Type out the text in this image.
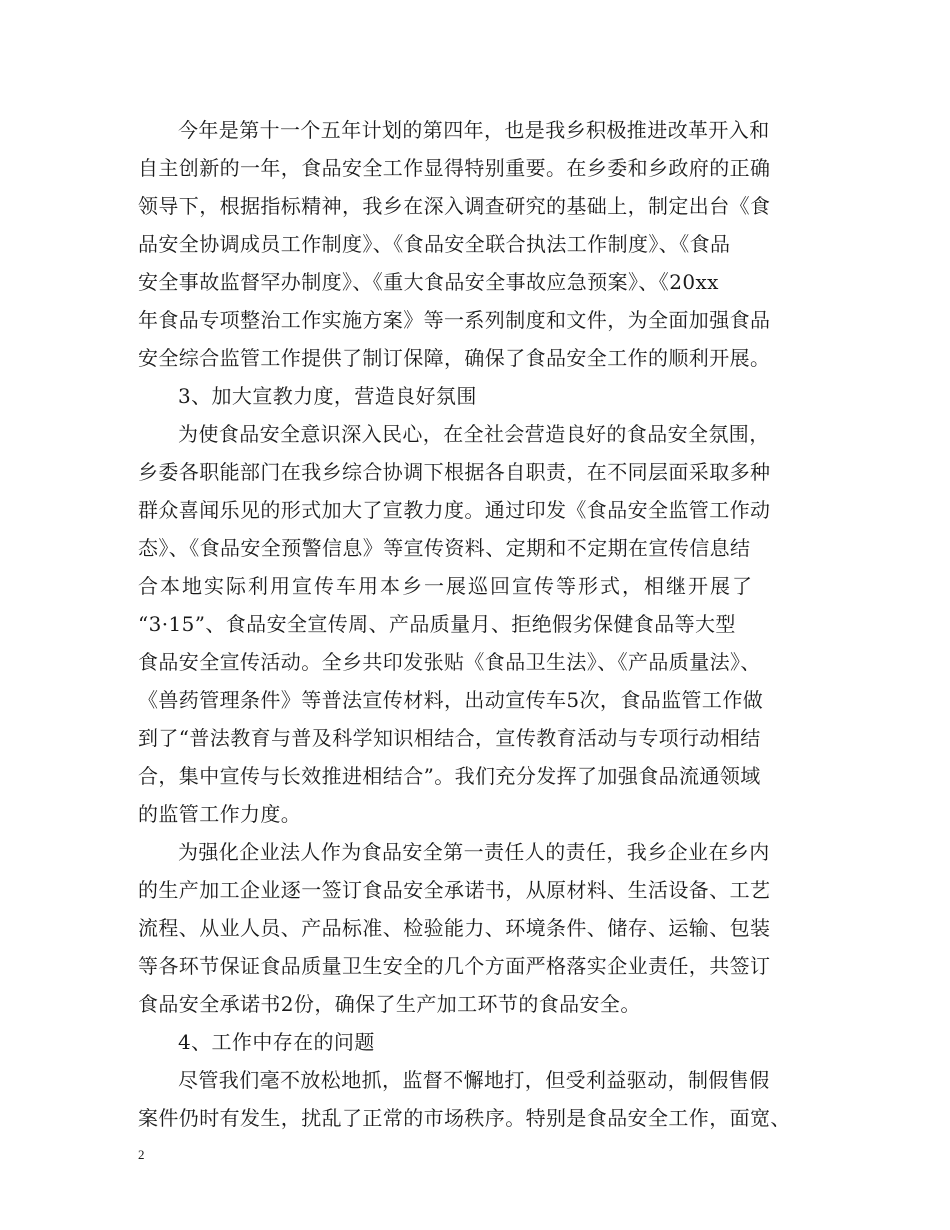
今年是第十一个五年计划的第四年，也是我乡积极推进改革开入和
自主创新的一年，食品安全工作显得特别重要。在乡委和乡政府的正确
领导下，根据指标精神，我乡在深入调查研究的基础上，制定出台《食
品安全协调成员工作制度》、《食品安全联合执法工作制度》、《食品
安全事故监督罕办制度》、《重大食品安全事故应急预案》、《20xx
年食品专项整治工作实施方案》等一系列制度和文件，为全面加强食品
安全综合监管工作提供了制订保障，确保了食品安全工作的顺利开展。
3、加大宣教力度，营造良好氛围
为使食品安全意识深入民心，在全社会营造良好的食品安全氛围，
乡委各职能部门在我乡综合协调下根据各自职责，在不同层面采取多种
群众喜闻乐见的形式加大了宣教力度。通过印发《食品安全监管工作动
态》、《食品安全预警信息》等宣传资料、定期和不定期在宣传信息结
合本地实际利用宣传车用本乡一展巡回宣传等形式，相继开展了
“3·15”、食品安全宣传周、产品质量月、拒绝假劣保健食品等大型
食品安全宣传活动。全乡共印发张贴《食品卫生法》、《产品质量法》、
《兽药管理条件》等普法宣传材料，出动宣传车5次，食品监管工作做
到了“普法教育与普及科学知识相结合，宣传教育活动与专项行动相结
合，集中宣传与长效推进相结合”。我们充分发挥了加强食品流通领域
的监管工作力度。
为强化企业法人作为食品安全第一责任人的责任，我乡企业在乡内
的生产加工企业逐一签订食品安全承诺书，从原材料、生活设备、工艺
流程、从业人员、产品标准、检验能力、环境条件、储存、运输、包装
等各环节保证食品质量卫生安全的几个方面严格落实企业责任，共签订
食品安全承诺书2份，确保了生产加工环节的食品安全。
4、工作中存在的问题
尽管我们毫不放松地抓，监督不懈地打，但受利益驱动，制假售假
案件仍时有发生，扰乱了正常的市场秩序。特别是食品安全工作，面宽、
2
